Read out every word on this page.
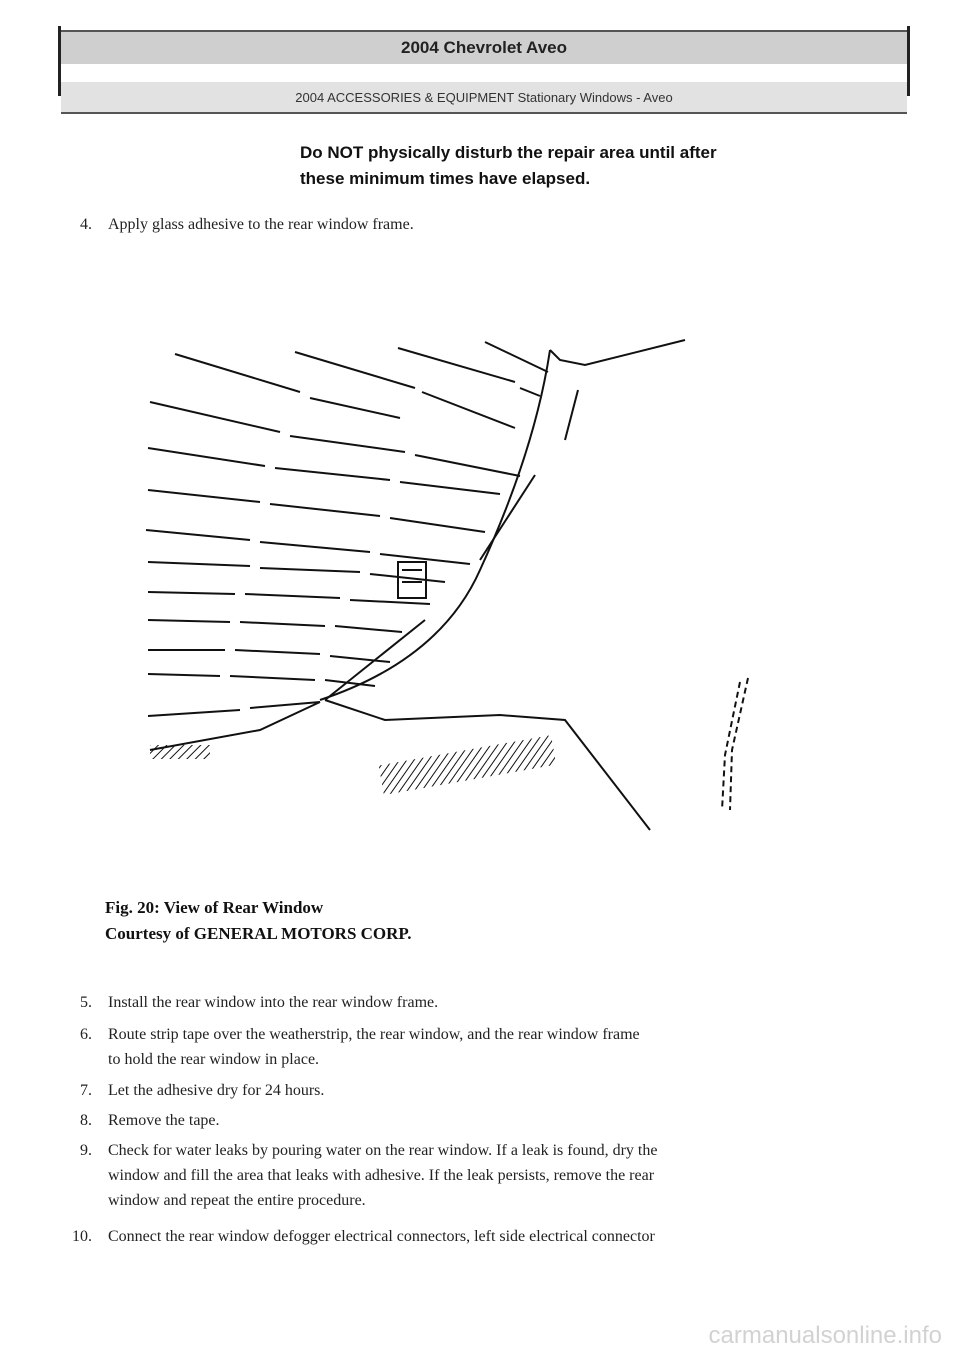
2004 Chevrolet Aveo
2004 ACCESSORIES & EQUIPMENT Stationary Windows - Aveo
Do NOT physically disturb the repair area until after
these minimum times have elapsed.
4. Apply glass adhesive to the rear window frame.
Fig. 20: View of Rear Window
Courtesy of GENERAL MOTORS CORP.
5. Install the rear window into the rear window frame.
6. Route strip tape over the weatherstrip, the rear window, and the rear window frame
to hold the rear window in place.
7. Let the adhesive dry for 24 hours.
8. Remove the tape.
9. Check for water leaks by pouring water on the rear window. If a leak is found, dry the
window and fill the area that leaks with adhesive. If the leak persists, remove the rear
window and repeat the entire procedure.
10. Connect the rear window defogger electrical connectors, left side electrical connector
carmanualsonline.info
